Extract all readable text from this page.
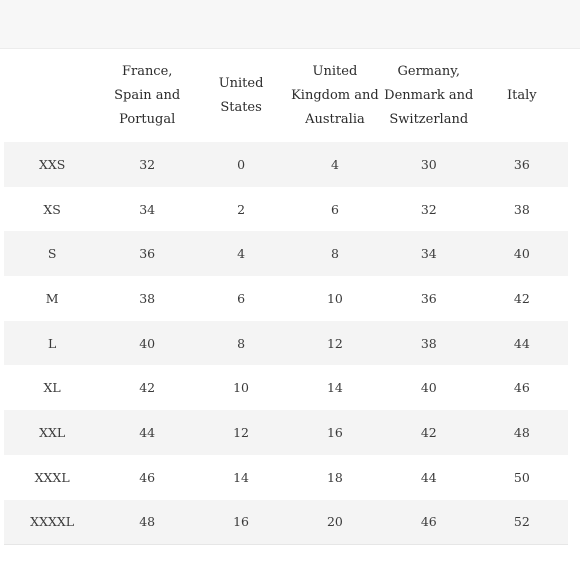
	France, Spain and Portugal	United States	United Kingdom and Australia	Germany, Denmark and Switzerland	Italy
XXS	32	0	4	30	36
XS	34	2	6	32	38
S	36	4	8	34	40
M	38	6	10	36	42
L	40	8	12	38	44
XL	42	10	14	40	46
XXL	44	12	16	42	48
XXXL	46	14	18	44	50
XXXXL	48	16	20	46	52
